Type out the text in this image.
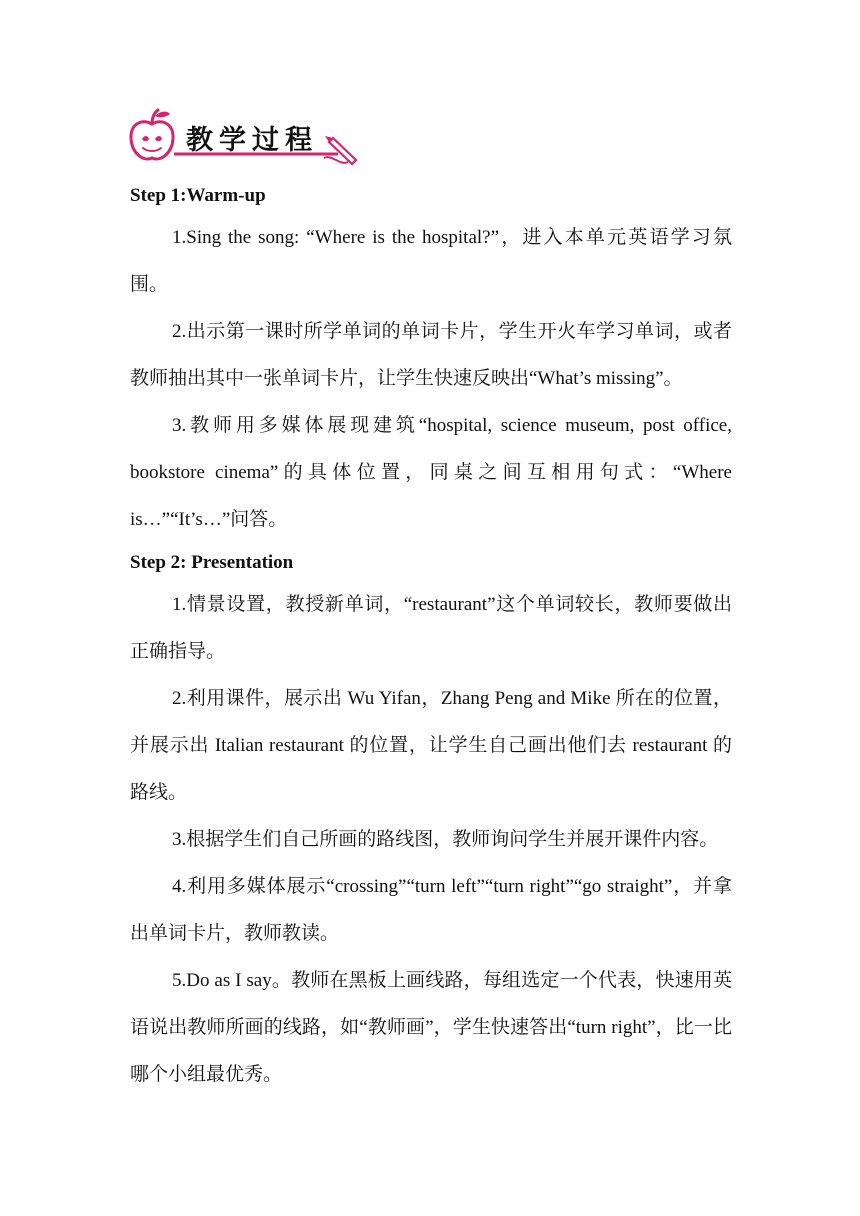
教学过程

Step 1:Warm-up

1.Sing the song: “Where is the hospital?”，进入本单元英语学习氛围。

2.出示第一课时所学单词的单词卡片，学生开火车学习单词，或者教师抽出其中一张单词卡片，让学生快速反映出“What’s missing”。

3.教师用多媒体展现建筑“hospital, science museum, post office, bookstore cinema”的具体位置，同桌之间互相用句式：“Where is…”“It’s…”问答。

Step 2: Presentation

1.情景设置，教授新单词，“restaurant”这个单词较长，教师要做出正确指导。

2.利用课件，展示出 Wu Yifan，Zhang Peng and Mike 所在的位置，并展示出 Italian restaurant 的位置，让学生自己画出他们去 restaurant 的路线。

3.根据学生们自己所画的路线图，教师询问学生并展开课件内容。

4.利用多媒体展示“crossing”“turn left”“turn right”“go straight”，并拿出单词卡片，教师教读。

5.Do as I say。教师在黑板上画线路，每组选定一个代表，快速用英语说出教师所画的线路，如“教师画”，学生快速答出“turn right”，比一比哪个小组最优秀。
